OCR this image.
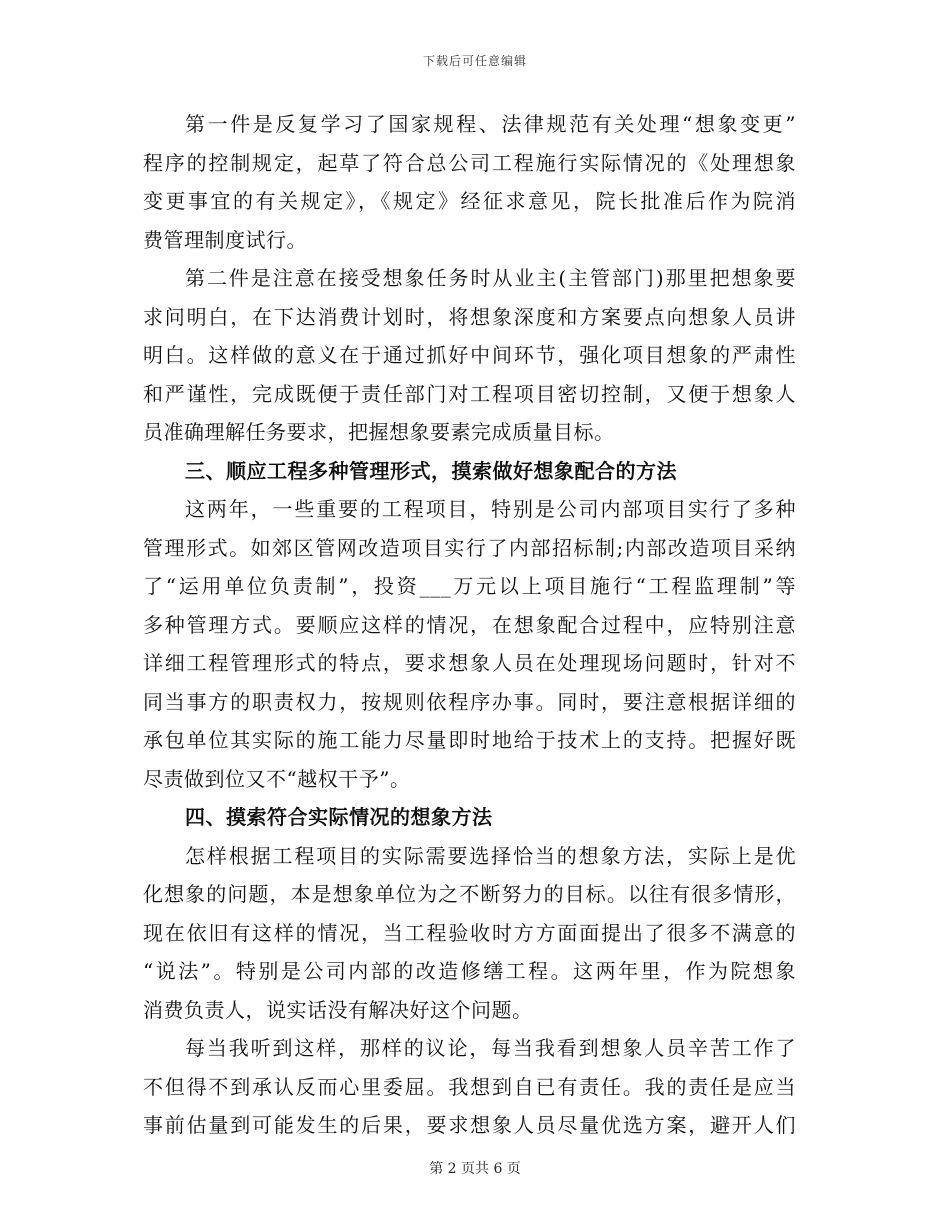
下载后可任意编辑
第一件是反复学习了国家规程、法律规范有关处理“想象变更”
程序的控制规定，起草了符合总公司工程施行实际情况的《处理想象
变更事宜的有关规定》，《规定》经征求意见，院长批准后作为院消
费管理制度试行。
第二件是注意在接受想象任务时从业主(主管部门)那里把想象要
求问明白，在下达消费计划时，将想象深度和方案要点向想象人员讲
明白。这样做的意义在于通过抓好中间环节，强化项目想象的严肃性
和严谨性，完成既便于责任部门对工程项目密切控制，又便于想象人
员准确理解任务要求，把握想象要素完成质量目标。
三、顺应工程多种管理形式，摸索做好想象配合的方法
这两年，一些重要的工程项目，特别是公司内部项目实行了多种
管理形式。如郊区管网改造项目实行了内部招标制;内部改造项目采纳
了“运用单位负责制”，投资___万元以上项目施行“工程监理制”等
多种管理方式。要顺应这样的情况，在想象配合过程中，应特别注意
详细工程管理形式的特点，要求想象人员在处理现场问题时，针对不
同当事方的职责权力，按规则依程序办事。同时，要注意根据详细的
承包单位其实际的施工能力尽量即时地给于技术上的支持。把握好既
尽责做到位又不“越权干予”。
四、摸索符合实际情况的想象方法
怎样根据工程项目的实际需要选择恰当的想象方法，实际上是优
化想象的问题，本是想象单位为之不断努力的目标。以往有很多情形，
现在依旧有这样的情况，当工程验收时方方面面提出了很多不满意的
“说法”。特别是公司内部的改造修缮工程。这两年里，作为院想象
消费负责人，说实话没有解决好这个问题。
每当我听到这样，那样的议论，每当我看到想象人员辛苦工作了
不但得不到承认反而心里委屈。我想到自已有责任。我的责任是应当
事前估量到可能发生的后果，要求想象人员尽量优选方案，避开人们
第 2 页共 6 页
